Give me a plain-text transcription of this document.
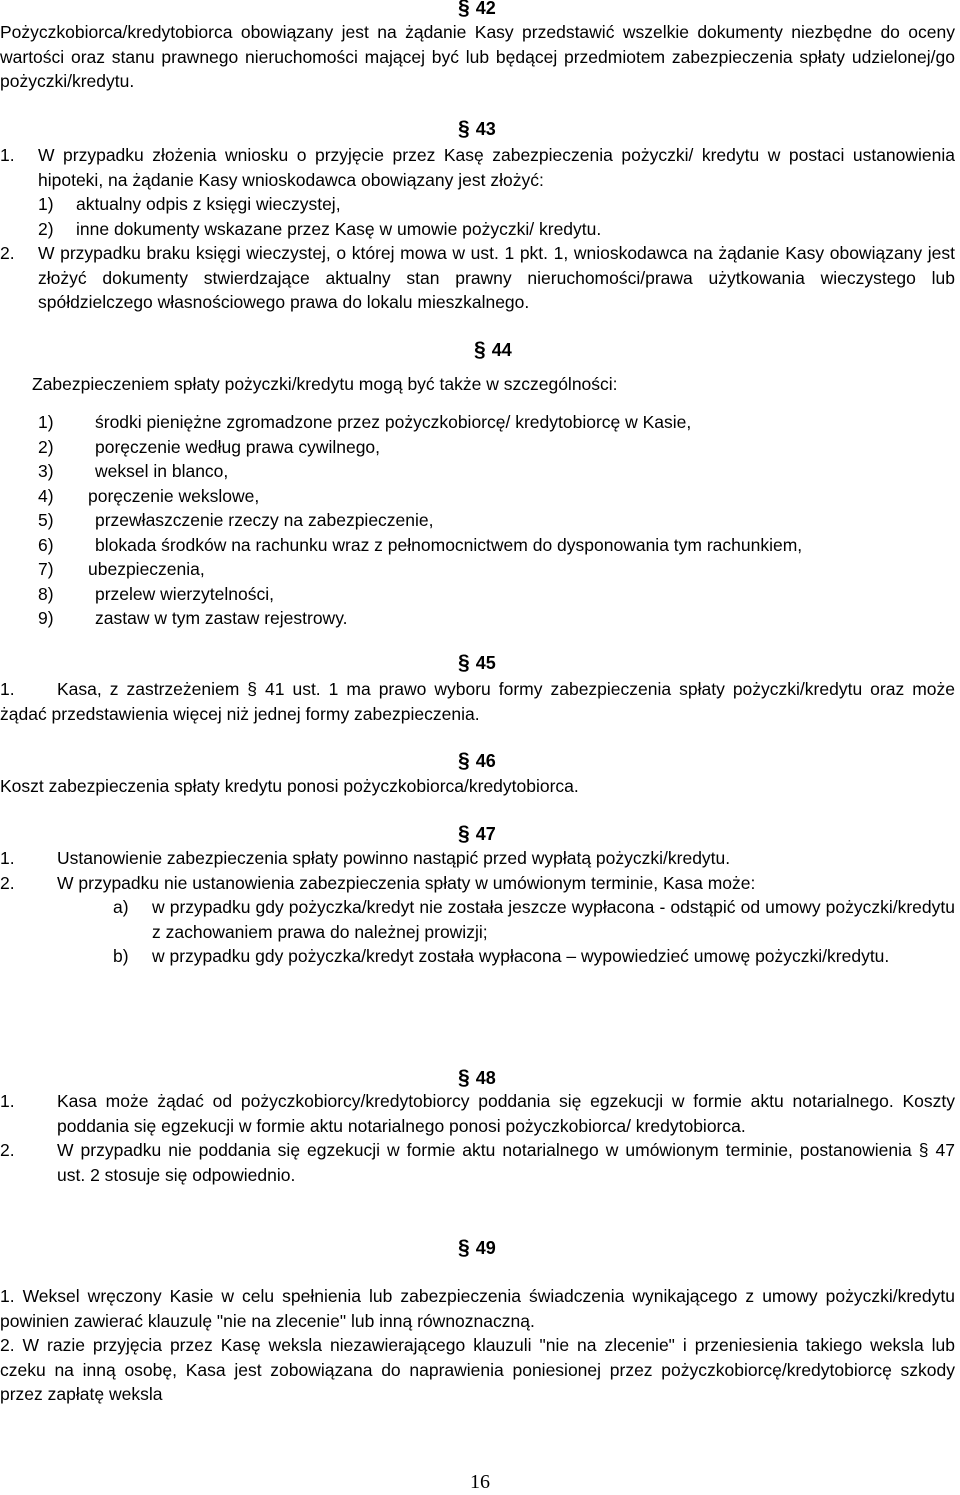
§ 42

Pożyczkobiorca/kredytobiorca obowiązany jest na żądanie Kasy przedstawić wszelkie dokumenty niezbędne do oceny wartości oraz stanu prawnego nieruchomości mającej być lub będącej przedmiotem zabezpieczenia spłaty udzielonej/go pożyczki/kredytu.

§ 43
1. W przypadku złożenia wniosku o przyjęcie przez Kasę zabezpieczenia pożyczki/ kredytu w postaci ustanowienia hipoteki, na żądanie Kasy wnioskodawca obowiązany jest złożyć:

1) aktualny odpis z księgi wieczystej,
2) inne dokumenty wskazane przez Kasę w umowie pożyczki/ kredytu.
2. W przypadku braku księgi wieczystej, o której mowa w ust. 1 pkt. 1, wnioskodawca na żądanie Kasy obowiązany jest złożyć dokumenty stwierdzające aktualny stan prawny nieruchomości/prawa użytkowania wieczystego lub spółdzielczego własnościowego prawa do lokalu mieszkalnego.

§ 44

Zabezpieczeniem spłaty pożyczki/kredytu mogą być także w szczególności:

1) środki pieniężne zgromadzone przez pożyczkobiorcę/ kredytobiorcę w Kasie,
2) poręczenie według prawa cywilnego,
3) weksel in blanco,
4) poręczenie wekslowe,
5) przewłaszczenie rzeczy na zabezpieczenie,
6) blokada środków na rachunku wraz z pełnomocnictwem do dysponowania tym rachunkiem,
7) ubezpieczenia,
8) przelew wierzytelności,
9) zastaw w tym zastaw rejestrowy.
§ 45
1.	Kasa, z zastrzeżeniem § 41 ust. 1 ma prawo wyboru formy zabezpieczenia spłaty pożyczki/kredytu oraz może żądać przedstawienia więcej niż jednej formy zabezpieczenia.

§ 46

Koszt zabezpieczenia spłaty kredytu ponosi pożyczkobiorca/kredytobiorca.

§ 47
1. Ustanowienie zabezpieczenia spłaty powinno nastąpić przed wypłatą pożyczki/kredytu.

2. W przypadku nie ustanowienia zabezpieczenia spłaty w umówionym terminie, Kasa może:

a) w przypadku gdy pożyczka/kredyt nie została jeszcze wypłacona - odstąpić od umowy pożyczki/kredytu z zachowaniem prawa do należnej prowizji;

b) w przypadku gdy pożyczka/kredyt została wypłacona – wypowiedzieć umowę pożyczki/kredytu.

§ 48
1. Kasa może żądać od pożyczkobiorcy/kredytobiorcy poddania się egzekucji w formie aktu notarialnego. Koszty poddania się egzekucji w formie aktu notarialnego ponosi pożyczkobiorca/ kredytobiorca.

2. W przypadku nie poddania się egzekucji w formie aktu notarialnego w umówionym terminie, postanowienia § 47 ust. 2 stosuje się odpowiednio.

§ 49

1. Weksel wręczony Kasie w celu spełnienia lub zabezpieczenia świadczenia wynikającego z umowy pożyczki/kredytu powinien zawierać klauzulę "nie na zlecenie" lub inną równoznaczną.

2. W razie przyjęcia przez Kasę weksla niezawierającego klauzuli "nie na zlecenie" i przeniesienia takiego weksla lub czeku na inną osobę, Kasa jest zobowiązana do naprawienia poniesionej przez pożyczkobiorcę/kredytobiorcę szkody przez zapłatę weksla

16
